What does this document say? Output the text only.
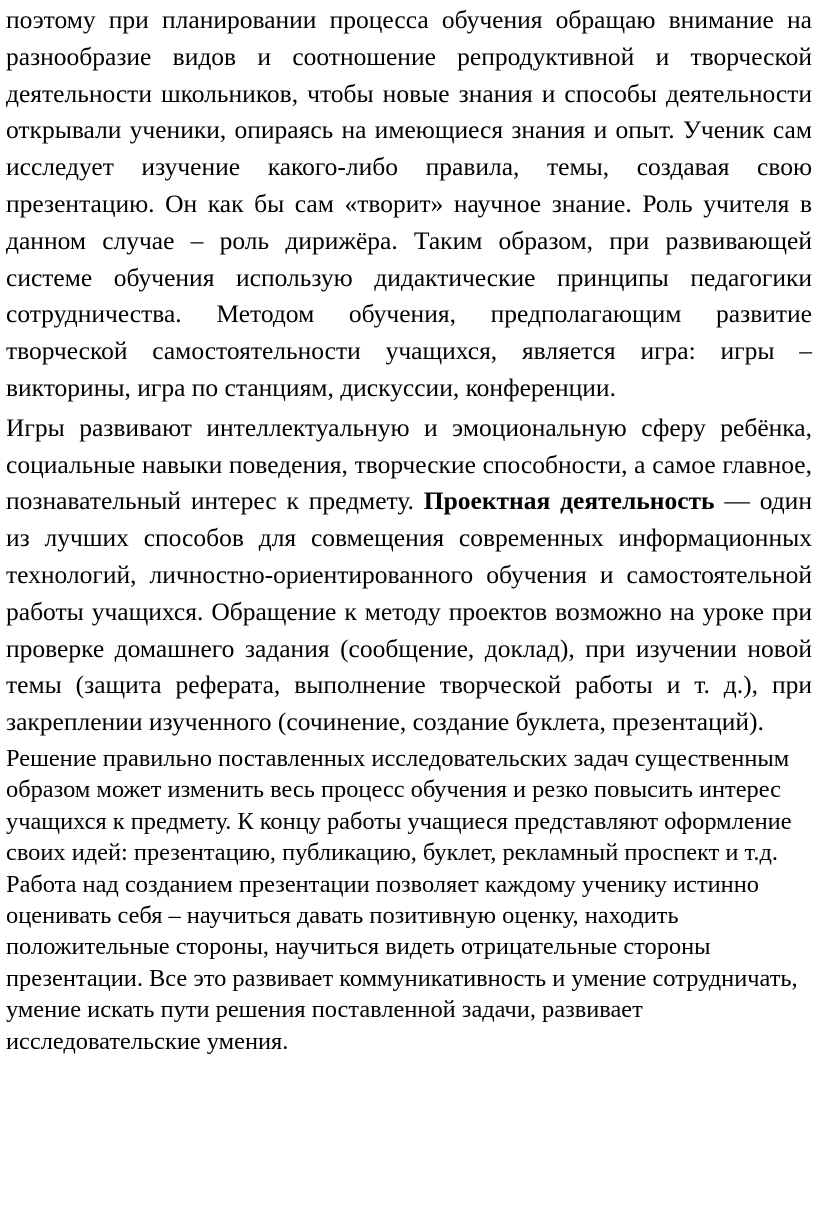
поэтому при планировании процесса обучения обращаю внимание на разнообразие видов и соотношение репродуктивной и творческой деятельности школьников, чтобы новые знания и способы деятельности открывали ученики, опираясь на имеющиеся знания и опыт. Ученик сам исследует изучение какого-либо правила, темы, создавая свою презентацию. Он как бы сам «творит» научное знание. Роль учителя в данном случае – роль дирижёра. Таким образом, при развивающей системе обучения использую дидактические принципы педагогики сотрудничества. Методом обучения, предполагающим развитие творческой самостоятельности учащихся, является игра: игры – викторины, игра по станциям, дискуссии, конференции.

Игры развивают интеллектуальную и эмоциональную сферу ребёнка, социальные навыки поведения, творческие способности, а самое главное, познавательный интерес к предмету. Проектная деятельность — один из лучших способов для совмещения современных информационных технологий, личностно-ориентированного обучения и самостоятельной работы учащихся. Обращение к методу проектов возможно на уроке при проверке домашнего задания (сообщение, доклад), при изучении новой темы (защита реферата, выполнение творческой работы и т. д.), при закреплении изученного (сочинение, создание буклета, презентаций).

Решение правильно поставленных исследовательских задач существенным образом может изменить весь процесс обучения и резко повысить интерес учащихся к предмету. К концу работы учащиеся представляют оформление своих идей: презентацию, публикацию, буклет, рекламный проспект и т.д. Работа над созданием презентации позволяет каждому ученику истинно оценивать себя – научиться давать позитивную оценку, находить положительные стороны, научиться видеть отрицательные стороны презентации. Все это развивает коммуникативность и умение сотрудничать, умение искать пути решения поставленной задачи, развивает исследовательские умения.
